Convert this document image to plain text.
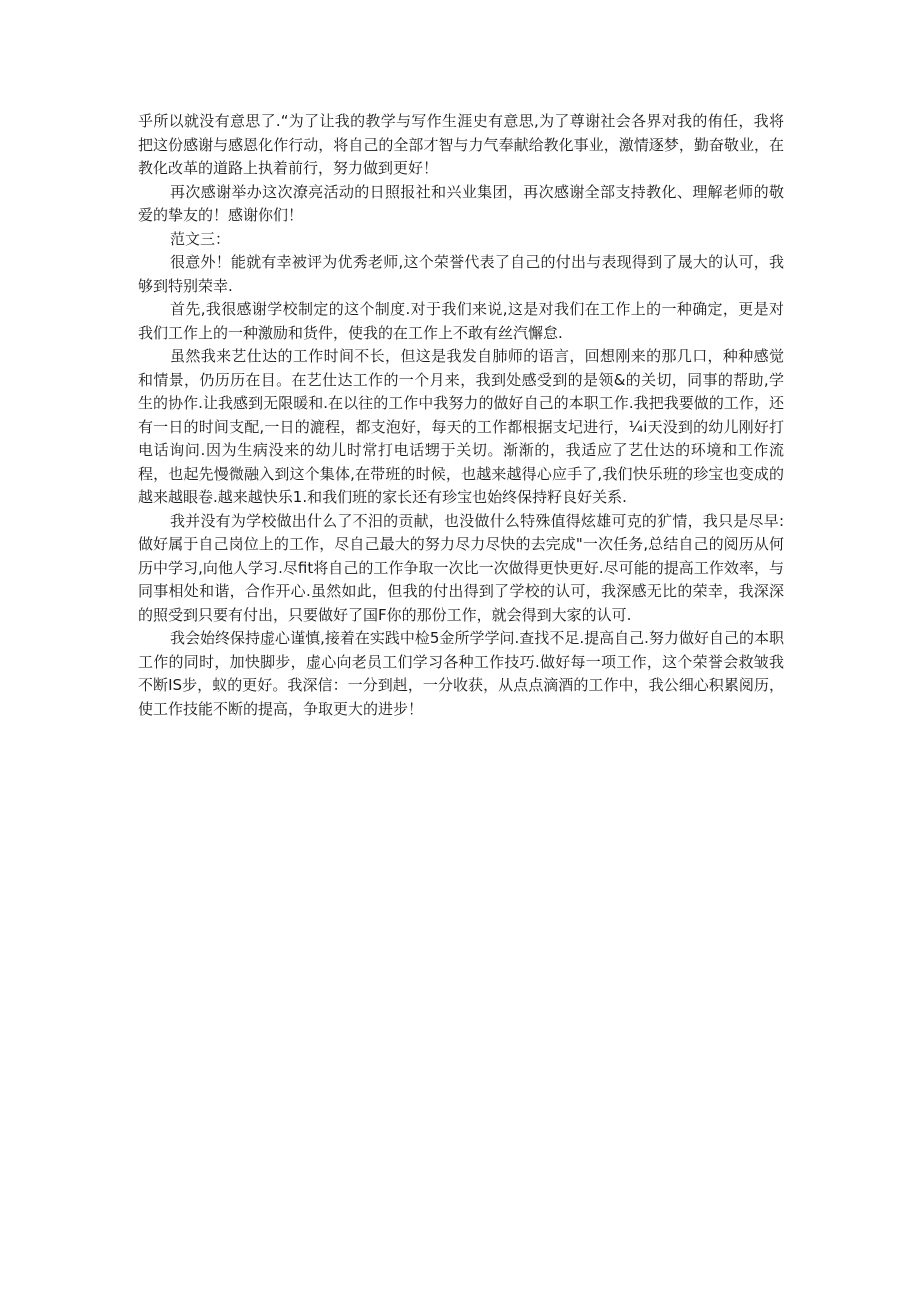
乎所以就没有意思了.“为了让我的教学与写作生涯史有意思,为了尊谢社会各界对我的侑任，我将把这份感谢与感恩化作行动，将自己的全部才智与力气奉献给教化事业，激情逐梦，勤奋敬业，在教化改革的道路上执着前行，努力做到更好！

再次感谢举办这次潦亮活动的日照报社和兴业集团，再次感谢全部支持教化、理解老师的敬爱的挚友的！感谢你们！

范文三：

很意外！能就有幸被评为优秀老师,这个荣誉代表了自己的付出与表现得到了晟大的认可，我够到特别荣幸.

首先,我很感谢学校制定的这个制度.对于我们来说,这是对我们在工作上的一种确定，更是对我们工作上的一种激励和货件，使我的在工作上不敢有丝汽懈怠.

虽然我来艺仕达的工作时间不长，但这是我发自肺师的语言，回想刚来的那几口，种种感觉和情景，仍历历在目。在艺仕达工作的一个月来，我到处感受到的是领&的关切，同事的帮助,学生的协作.让我感到无限暖和.在以往的工作中我努力的做好自己的本职工作.我把我要做的工作，还有一日的时间支配,一日的漉程，都支泡好，每天的工作都根据支圮进行，¼i天没到的幼儿刚好打电话询问.因为生病没来的幼儿时常打电话甥于关切。渐渐的，我适应了艺仕达的环境和工作流程，也起先慢微融入到这个集体,在带班的时候，也越来越得心应手了,我们快乐班的珍宝也变成的越来越眼卷.越来越快乐1.和我们班的家长还有珍宝也始终保持籽良好关系.

我并没有为学校做出什么了不汨的贡献，也没做什么特殊值得炫雄可克的犷情，我只是尽早:做好属于自己岗位上的工作，尽自己最大的努力尽力尽快的去完成"一次任务,总结自己的阅历从何历中学习,向他人学习.尽fit将自己的工作争取一次比一次做得更快更好.尽可能的提高工作效率，与同事相处和谐，合作开心.虽然如此，但我的付出得到了学校的认可，我深感无比的荣幸，我深深的照受到只要有付出，只要做好了国F你的那份工作，就会得到大家的认可.

我会始终保持虚心谨慎,接着在实践中检5金所学学问.查找不足.提高自己.努力做好自己的本职工作的同时，加快脚步，虚心向老员工们学习各种工作技巧.做好每一项工作，这个荣誉会救皱我不断IS步，蚁的更好。我深信：一分到赳，一分收获，从点点滴酒的工作中，我公细心积累阅历，使工作技能不断的提高，争取更大的进步！
